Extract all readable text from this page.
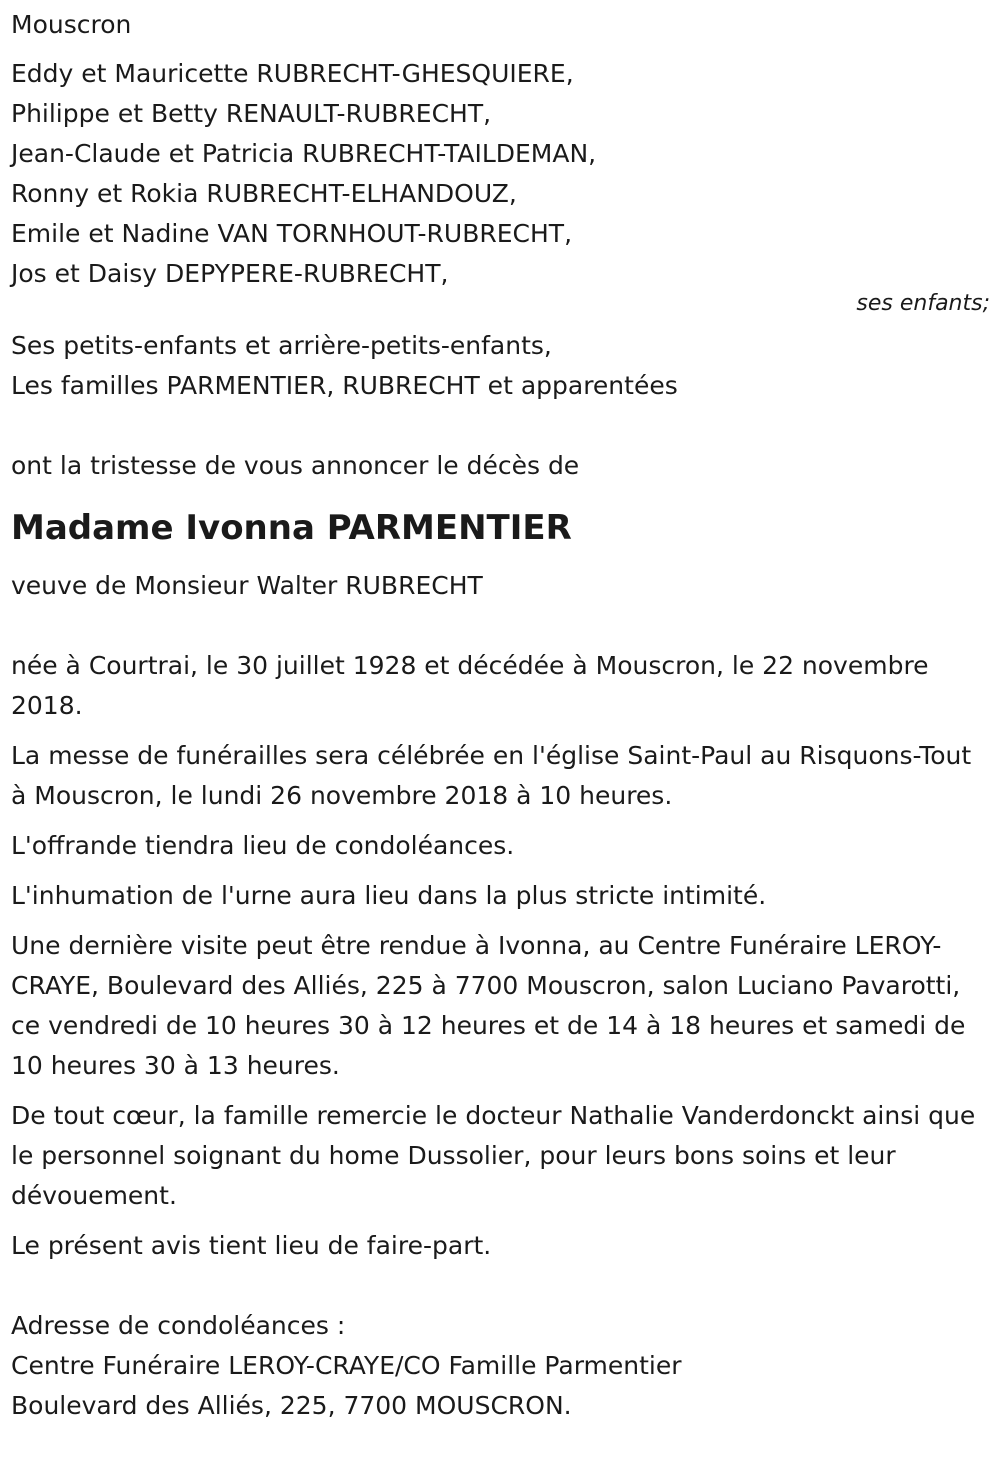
Mouscron

Eddy et Mauricette RUBRECHT-GHESQUIERE,

Philippe et Betty RENAULT-RUBRECHT,

Jean-Claude et Patricia RUBRECHT-TAILDEMAN,

Ronny et Rokia RUBRECHT-ELHANDOUZ,

Emile et Nadine VAN TORNHOUT-RUBRECHT,

Jos et Daisy DEPYPERE-RUBRECHT,

ses enfants;

Ses petits-enfants et arrière-petits-enfants,

Les familles PARMENTIER, RUBRECHT et apparentées

ont la tristesse de vous annoncer le décès de

Madame Ivonna PARMENTIER

veuve de Monsieur Walter RUBRECHT

née à Courtrai, le 30 juillet 1928 et décédée à Mouscron, le 22 novembre 2018.

La messe de funérailles sera célébrée en l'église Saint-Paul au Risquons-Tout à Mouscron, le lundi 26 novembre 2018 à 10 heures.

L'offrande tiendra lieu de condoléances.

L'inhumation de l'urne aura lieu dans la plus stricte intimité.

Une dernière visite peut être rendue à Ivonna, au Centre Funéraire LEROY-CRAYE, Boulevard des Alliés, 225 à 7700 Mouscron, salon Luciano Pavarotti, ce vendredi de 10 heures 30 à 12 heures et de 14 à 18 heures et samedi de 10 heures 30 à 13 heures.

De tout cœur, la famille remercie le docteur Nathalie Vanderdonckt ainsi que le personnel soignant du home Dussolier, pour leurs bons soins et leur dévouement.

Le présent avis tient lieu de faire-part.

Adresse de condoléances :

Centre Funéraire LEROY-CRAYE/CO Famille Parmentier

Boulevard des Alliés, 225, 7700 MOUSCRON.
